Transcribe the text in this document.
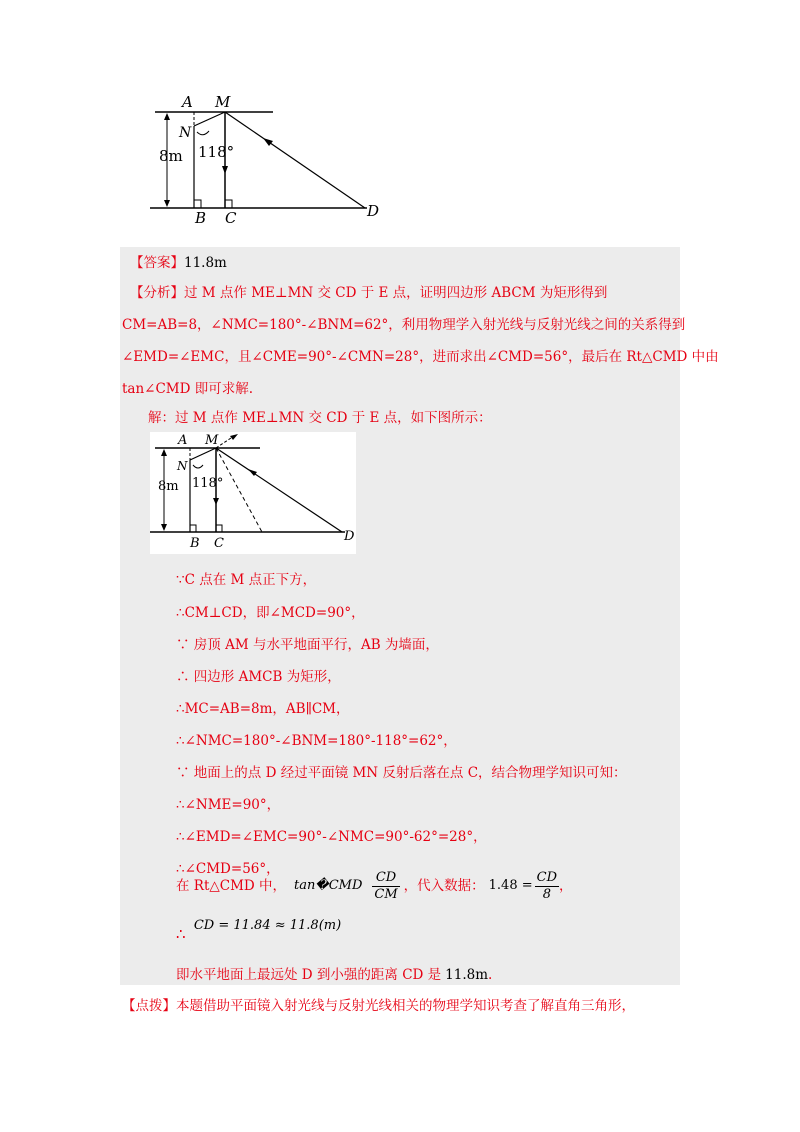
A M
N
8m 118°
B C	D
【答案】11.8m
【分析】过 M 点作 ME⊥MN 交 CD 于 E 点，证明四边形 ABCM 为矩形得到
CM=AB=8，∠NMC=180°-∠BNM=62°，利用物理学入射光线与反射光线之间的关系得到
∠EMD=∠EMC，且∠CME=90°-∠CMN=28°，进而求出∠CMD=56°，最后在 Rt△CMD 中由
tan∠CMD 即可求解.
解：过 M 点作 ME⊥MN 交 CD 于 E 点，如下图所示：
A M
N
8m 118°
B C	D
∵C 点在 M 点正下方，
∴CM⊥CD，即∠MCD=90°，
∵ 房顶 AM 与水平地面平行，AB 为墙面，
∴ 四边形 AMCB 为矩形，
∴MC=AB=8m，AB∥CM，
∴∠NMC=180°-∠BNM=180°-118°=62°，
∵ 地面上的点 D 经过平面镜 MN 反射后落在点 C，结合物理学知识可知：
∴∠NME=90°，
∴∠EMD=∠EMC=90°-∠NMC=90°-62°=28°，
∴∠CMD=56°，
在 Rt△CMD 中， tan�CMD $\frac{CD}{CM}$ ，代入数据： $1.48 = \frac{CD}{8}$ ，
∴ CD = 11.84 ≈ 11.8(m)
即水平地面上最远处 D 到小强的距离 CD 是 11.8m.
【点拨】本题借助平面镜入射光线与反射光线相关的物理学知识考查了解直角三角形，
